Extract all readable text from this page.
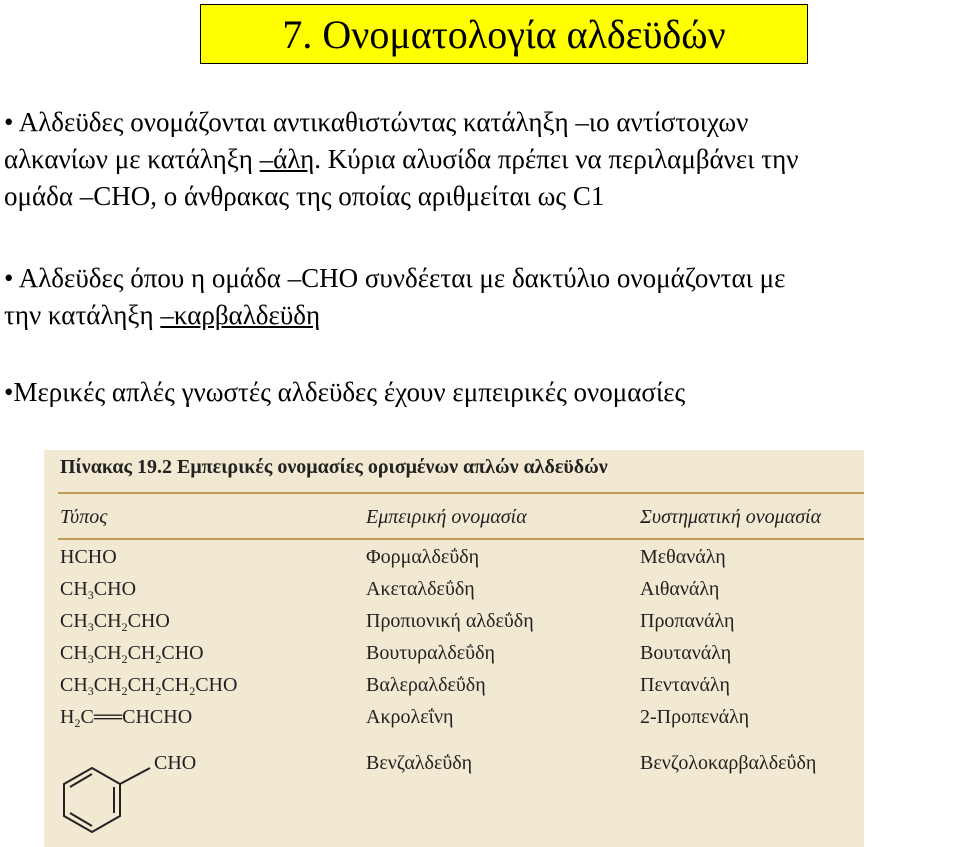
7. Ονοματολογία αλδεϋδών
• Αλδεϋδες ονομάζονται αντικαθιστώντας κατάληξη –ιο αντίστοιχων
αλκανίων με κατάληξη –άλη. Κύρια αλυσίδα πρέπει να περιλαμβάνει την
ομάδα –CHO, ο άνθρακας της οποίας αριθμείται ως C1
• Αλδεϋδες όπου η ομάδα –CHO συνδέεται με δακτύλιο ονομάζονται με
την κατάληξη –καρβαλδεϋδη
•Μερικές απλές γνωστές αλδεϋδες έχουν εμπειρικές ονομασίες
Πίνακας 19.2 Εμπειρικές ονομασίες ορισμένων απλών αλδεϋδών
Τύπος	Εμπειρική ονομασία	Συστηματική ονομασία
HCHO	Φορμαλδεΰδη	Μεθανάλη
$CH_3CHO$	Ακεταλδεΰδη	Αιθανάλη
$CH_3CH_2CHO$	Προπιονική αλδεΰδη	Προπανάλη
$CH_3CH_2CH_2CHO$	Βουτυραλδεΰδη	Βουτανάλη
$CH_3CH_2CH_2CH_2CHO$	Βαλεραλδεΰδη	Πεντανάλη
$H_2C══CHCHO$	Ακρολεΐνη	2-Προπενάλη
CHO	Βενζαλδεΰδη	Βενζολοκαρβαλδεΰδη
